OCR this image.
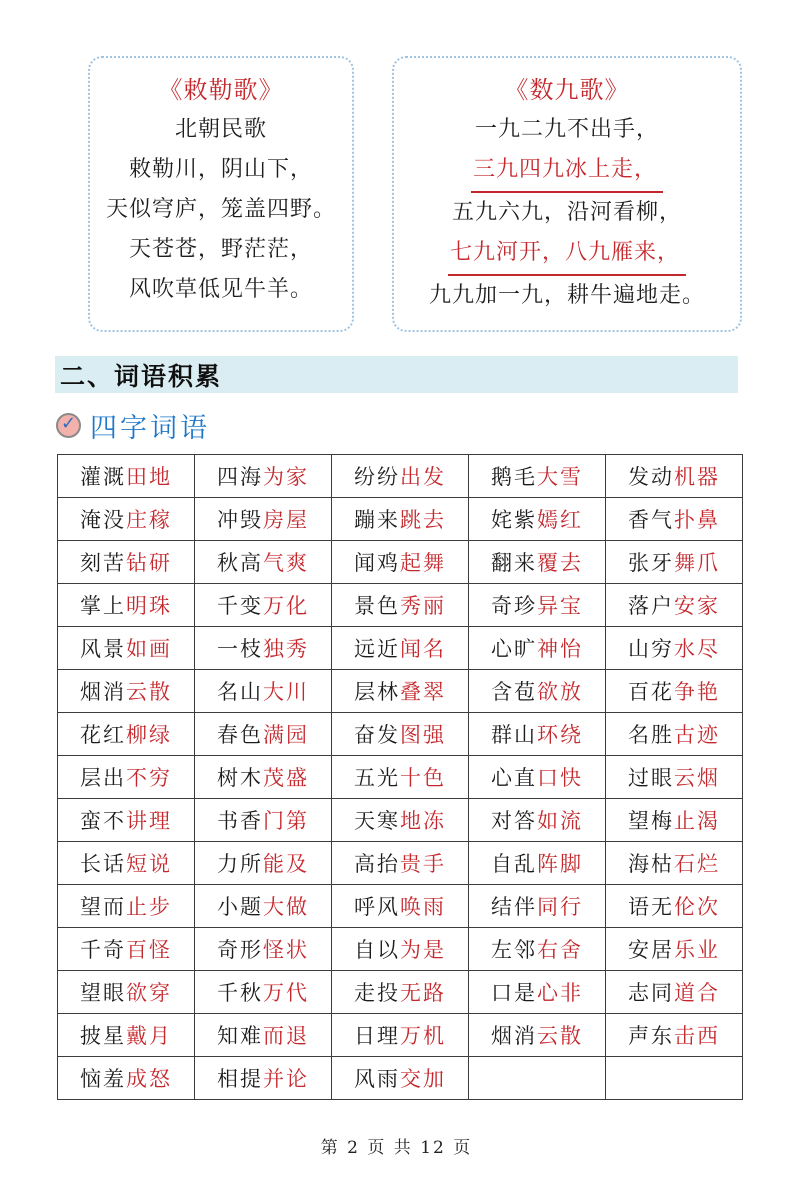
《敕勒歌》
北朝民歌
敕勒川，阴山下，
天似穹庐，笼盖四野。
天苍苍，野茫茫，
风吹草低见牛羊。
《数九歌》
一九二九不出手，
三九四九冰上走，
五九六九，沿河看柳，
七九河开，八九雁来，
九九加一九，耕牛遍地走。
二、词语积累
✓
四字词语
灌溉田地	四海为家	纷纷出发	鹅毛大雪	发动机器
淹没庄稼	冲毁房屋	蹦来跳去	姹紫嫣红	香气扑鼻
刻苦钻研	秋高气爽	闻鸡起舞	翻来覆去	张牙舞爪
掌上明珠	千变万化	景色秀丽	奇珍异宝	落户安家
风景如画	一枝独秀	远近闻名	心旷神怡	山穷水尽
烟消云散	名山大川	层林叠翠	含苞欲放	百花争艳
花红柳绿	春色满园	奋发图强	群山环绕	名胜古迹
层出不穷	树木茂盛	五光十色	心直口快	过眼云烟
蛮不讲理	书香门第	天寒地冻	对答如流	望梅止渴
长话短说	力所能及	高抬贵手	自乱阵脚	海枯石烂
望而止步	小题大做	呼风唤雨	结伴同行	语无伦次
千奇百怪	奇形怪状	自以为是	左邻右舍	安居乐业
望眼欲穿	千秋万代	走投无路	口是心非	志同道合
披星戴月	知难而退	日理万机	烟消云散	声东击西
恼羞成怒	相提并论	风雨交加		
第 2 页 共 12 页
